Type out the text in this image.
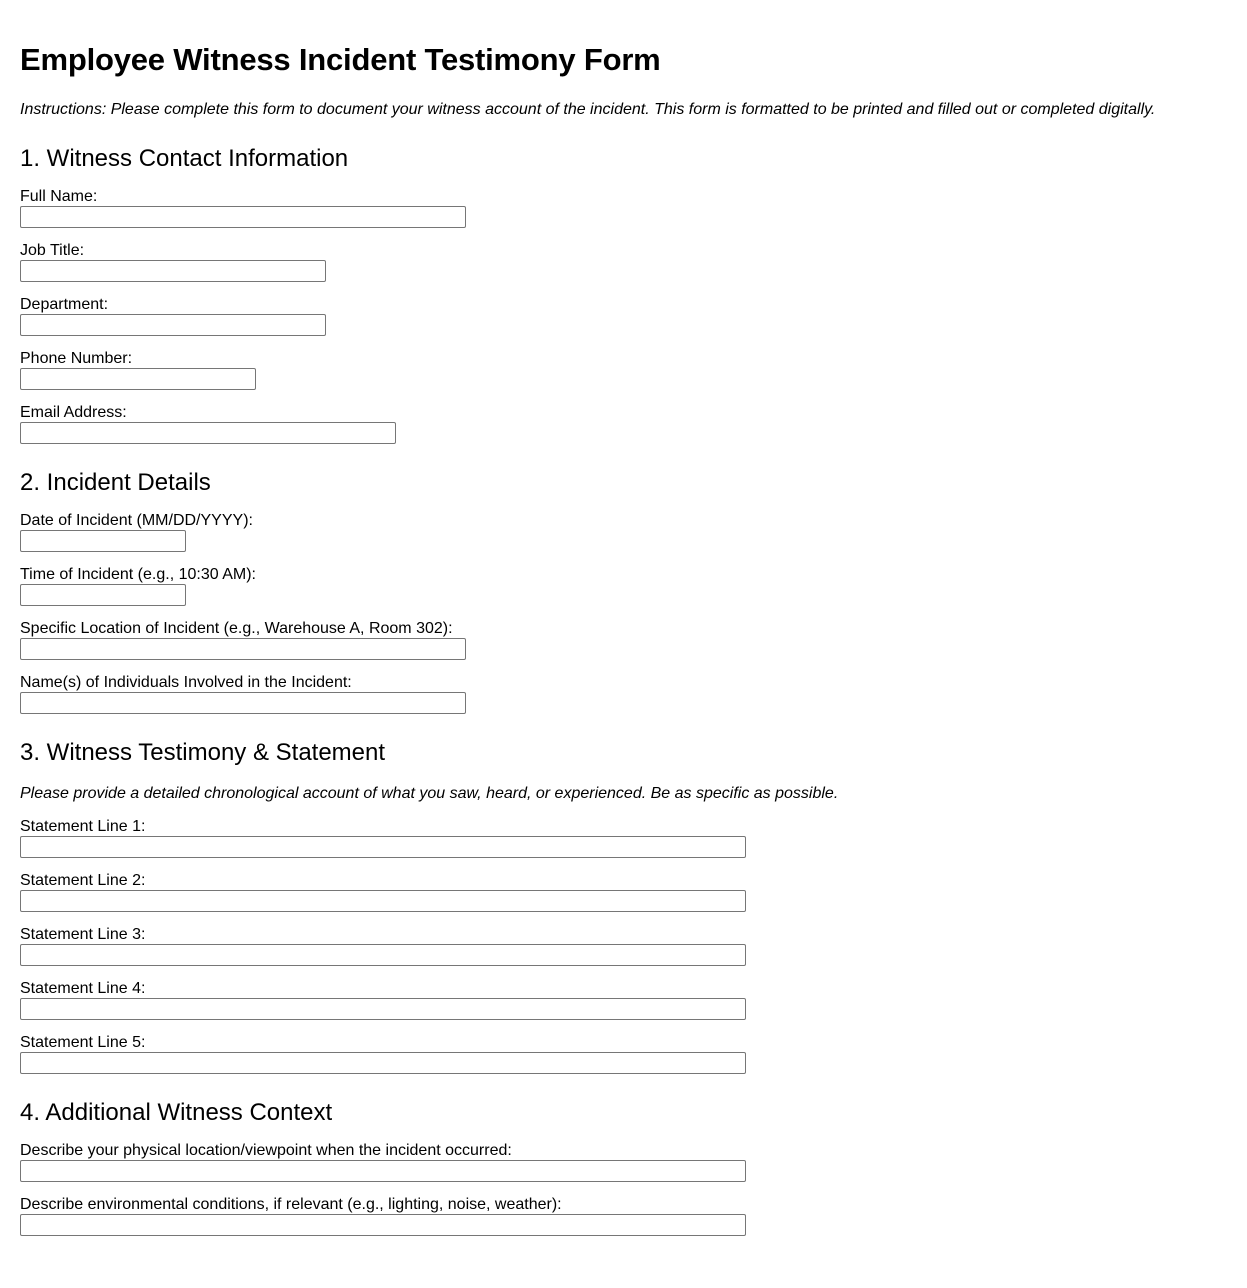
Employee Witness Incident Testimony Form

Instructions: Please complete this form to document your witness account of the incident. This form is formatted to be printed and filled out or completed digitally.

1. Witness Contact Information
Full Name:
Job Title:
Department:
Phone Number:
Email Address:
2. Incident Details
Date of Incident (MM/DD/YYYY):
Time of Incident (e.g., 10:30 AM):
Specific Location of Incident (e.g., Warehouse A, Room 302):
Name(s) of Individuals Involved in the Incident:
3. Witness Testimony & Statement

Please provide a detailed chronological account of what you saw, heard, or experienced. Be as specific as possible.

Statement Line 1:
Statement Line 2:
Statement Line 3:
Statement Line 4:
Statement Line 5:
4. Additional Witness Context
Describe your physical location/viewpoint when the incident occurred:
Describe environmental conditions, if relevant (e.g., lighting, noise, weather):
